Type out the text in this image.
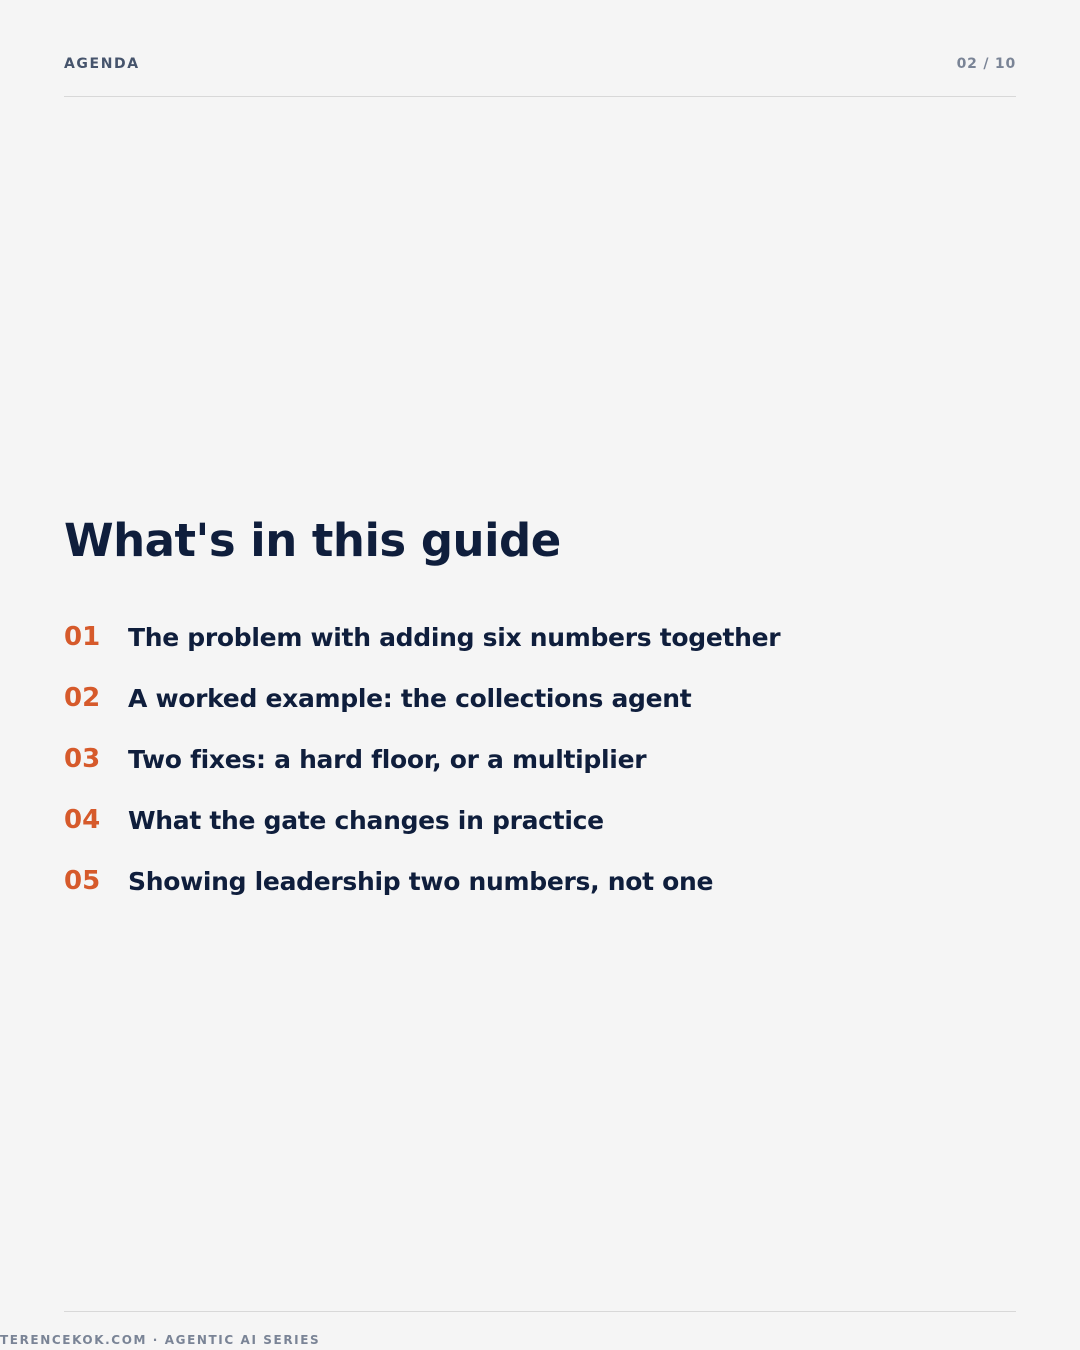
AGENDA	02 / 10
What's in this guide
01	The problem with adding six numbers together
02	A worked example: the collections agent
03	Two fixes: a hard floor, or a multiplier
04	What the gate changes in practice
05	Showing leadership two numbers, not one
TERENCEKOK.COM · AGENTIC AI SERIES
